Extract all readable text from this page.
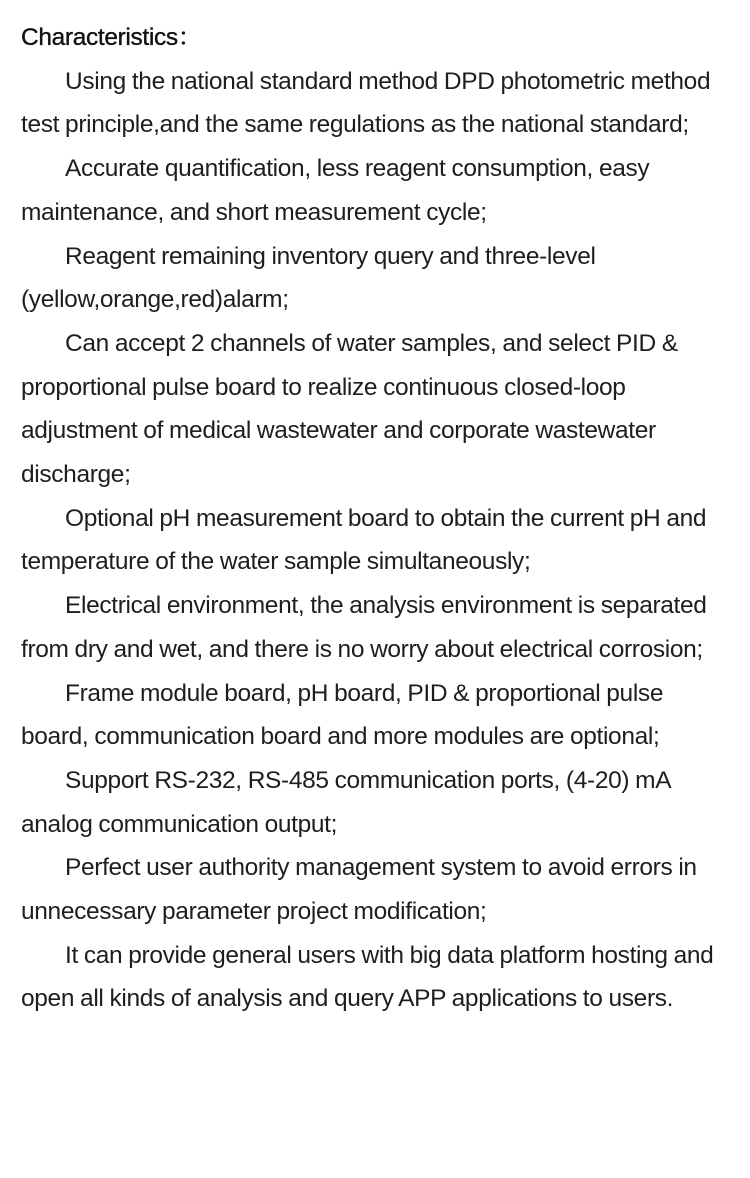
Characteristics：

Using the national standard method DPD photometric method test principle,and the same regulations as the national standard;

Accurate quantification, less reagent consumption, easy maintenance, and short measurement cycle;

Reagent remaining inventory query and three-level (yellow,orange,red)alarm;

Can accept 2 channels of water samples, and select PID & proportional pulse board to realize continuous closed-loop adjustment of medical wastewater and corporate wastewater discharge;

Optional pH measurement board to obtain the current pH and temperature of the water sample simultaneously;

Electrical environment, the analysis environment is separated from dry and wet, and there is no worry about electrical corrosion;

Frame module board, pH board, PID & proportional pulse board, communication board and more modules are optional;

Support RS-232, RS-485 communication ports, (4-20) mA analog communication output;

Perfect user authority management system to avoid errors in unnecessary parameter project modification;

It can provide general users with big data platform hosting and open all kinds of analysis and query APP applications to users.
